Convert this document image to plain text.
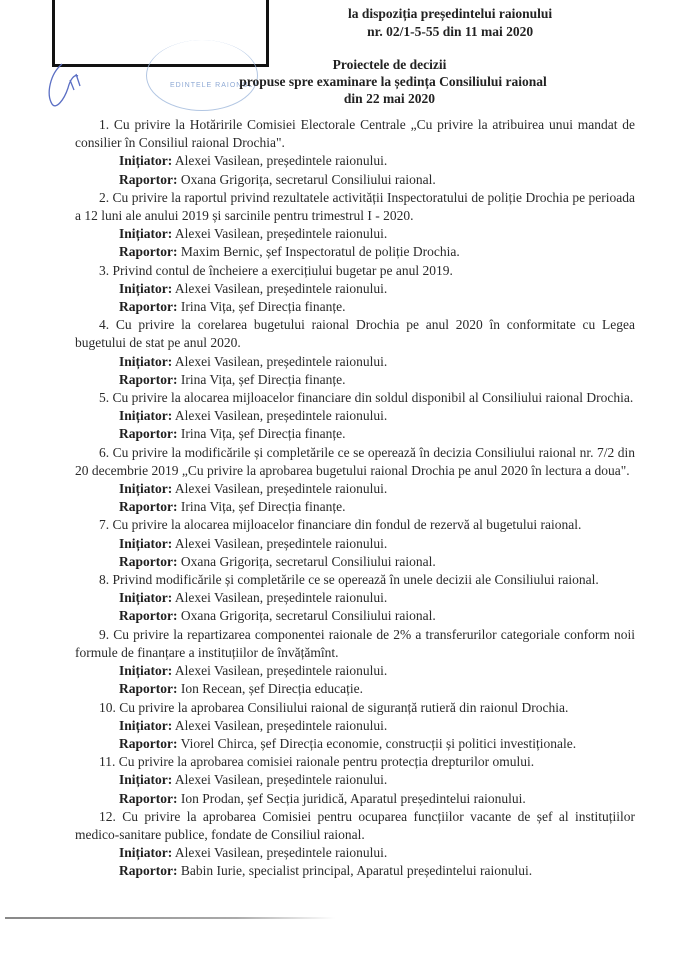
EDINTELE RAIONUL
la dispoziția președintelui raionului
nr. 02/1-5-55 din 11 mai 2020
Proiectele de decizii
propuse spre examinare la ședința Consiliului raional
din 22 mai 2020

1. Cu privire la Hotăririle Comisiei Electorale Centrale „Cu privire la atribuirea unui mandat de consilier în Consiliul raional Drochia".

Inițiator: Alexei Vasilean, președintele raionului.

Raportor: Oxana Grigorița, secretarul Consiliului raional.

2. Cu privire la raportul privind rezultatele activității Inspectoratului de poliție Drochia pe perioada a 12 luni ale anului 2019 și sarcinile pentru trimestrul I - 2020.

Inițiator: Alexei Vasilean, președintele raionului.

Raportor: Maxim Bernic, șef Inspectoratul de poliție Drochia.

3. Privind contul de încheiere a exercițiului bugetar pe anul 2019.

Inițiator: Alexei Vasilean, președintele raionului.

Raportor: Irina Vița, șef Direcția finanțe.

4. Cu privire la corelarea bugetului raional Drochia pe anul 2020 în conformitate cu Legea bugetului de stat pe anul 2020.

Inițiator: Alexei Vasilean, președintele raionului.

Raportor: Irina Vița, șef Direcția finanțe.

5. Cu privire la alocarea mijloacelor financiare din soldul disponibil al Consiliului raional Drochia.

Inițiator: Alexei Vasilean, președintele raionului.

Raportor: Irina Vița, șef Direcția finanțe.

6. Cu privire la modificările și completările ce se operează în decizia Consiliului raional nr. 7/2 din 20 decembrie 2019 „Cu privire la aprobarea bugetului raional Drochia pe anul 2020 în lectura a doua".

Inițiator: Alexei Vasilean, președintele raionului.

Raportor: Irina Vița, șef Direcția finanțe.

7. Cu privire la alocarea mijloacelor financiare din fondul de rezervă al bugetului raional.

Inițiator: Alexei Vasilean, președintele raionului.

Raportor: Oxana Grigorița, secretarul Consiliului raional.

8. Privind modificările și completările ce se operează în unele decizii ale Consiliului raional.

Inițiator: Alexei Vasilean, președintele raionului.

Raportor: Oxana Grigorița, secretarul Consiliului raional.

9. Cu privire la repartizarea componentei raionale de 2% a transferurilor categoriale conform noii formule de finanțare a instituțiilor de învățămînt.

Inițiator: Alexei Vasilean, președintele raionului.

Raportor: Ion Recean, șef Direcția educație.

10. Cu privire la aprobarea Consiliului raional de siguranță rutieră din raionul Drochia.

Inițiator: Alexei Vasilean, președintele raionului.

Raportor: Viorel Chirca, șef Direcția economie, construcții și politici investiționale.

11. Cu privire la aprobarea comisiei raionale pentru protecția drepturilor omului.

Inițiator: Alexei Vasilean, președintele raionului.

Raportor: Ion Prodan, șef Secția juridică, Aparatul președintelui raionului.

12. Cu privire la aprobarea Comisiei pentru ocuparea funcțiilor vacante de șef al instituțiilor medico-sanitare publice, fondate de Consiliul raional.

Inițiator: Alexei Vasilean, președintele raionului.

Raportor: Babin Iurie, specialist principal, Aparatul președintelui raionului.
